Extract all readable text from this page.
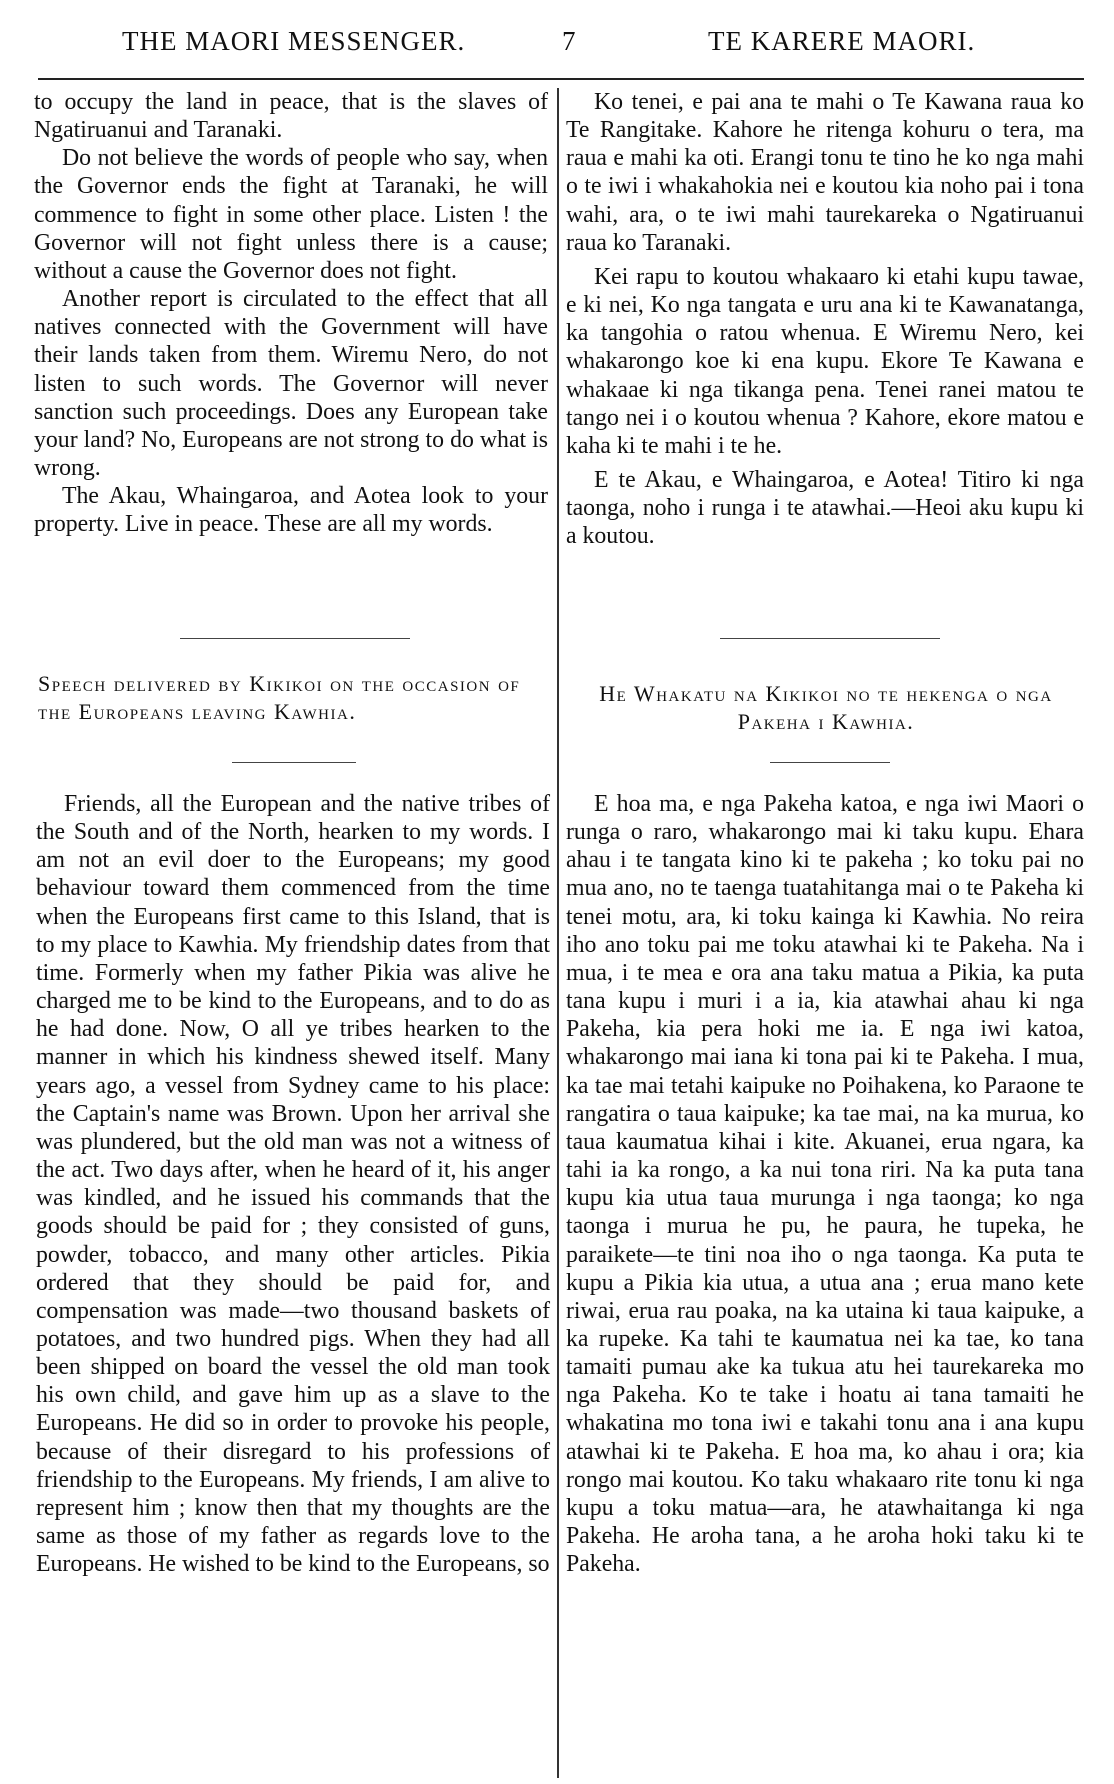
THE MAORI MESSENGER.	7	TE KARERE MAORI.

to occupy the land in peace, that is the slaves of Ngatiruanui and Taranaki.

Do not believe the words of people who say, when the Governor ends the fight at Taranaki, he will commence to fight in some other place. Listen ! the Governor will not fight unless there is a cause; without a cause the Governor does not fight.

Another report is circulated to the effect that all natives connected with the Government will have their lands taken from them. Wiremu Nero, do not listen to such words. The Governor will never sanction such proceedings. Does any European take your land? No, Europeans are not strong to do what is wrong.

The Akau, Whaingaroa, and Aotea look to your property. Live in peace. These are all my words.

Ko tenei, e pai ana te mahi o Te Kawana raua ko Te Rangitake. Kahore he ritenga kohuru o tera, ma raua e mahi ka oti. Erangi tonu te tino he ko nga mahi o te iwi i whakahokia nei e koutou kia noho pai i tona wahi, ara, o te iwi mahi taurekareka o Ngatiruanui raua ko Taranaki.

Kei rapu to koutou whakaaro ki etahi kupu tawae, e ki nei, Ko nga tangata e uru ana ki te Kawanatanga, ka tangohia o ratou whenua. E Wiremu Nero, kei whakarongo koe ki ena kupu. Ekore Te Kawana e whakaae ki nga tikanga pena. Tenei ranei matou te tango nei i o koutou whenua ? Kahore, ekore matou e kaha ki te mahi i te he.

E te Akau, e Whaingaroa, e Aotea! Titiro ki nga taonga, noho i runga i te atawhai.—Heoi aku kupu ki a koutou.

Speech delivered by Kikikoi on the occasion of the Europeans leaving Kawhia.
He Whakatu na Kikikoi no te hekenga o nga Pakeha i Kawhia.

Friends, all the European and the native tribes of the South and of the North, hearken to my words. I am not an evil doer to the Europeans; my good behaviour toward them commenced from the time when the Europeans first came to this Island, that is to my place to Kawhia. My friendship dates from that time. Formerly when my father Pikia was alive he charged me to be kind to the Europeans, and to do as he had done. Now, O all ye tribes hearken to the manner in which his kindness shewed itself. Many years ago, a vessel from Sydney came to his place: the Captain's name was Brown. Upon her arrival she was plundered, but the old man was not a witness of the act. Two days after, when he heard of it, his anger was kindled, and he issued his commands that the goods should be paid for ; they consisted of guns, powder, tobacco, and many other articles. Pikia ordered that they should be paid for, and compensation was made—two thousand baskets of potatoes, and two hundred pigs. When they had all been shipped on board the vessel the old man took his own child, and gave him up as a slave to the Europeans. He did so in order to provoke his people, because of their disregard to his professions of friendship to the Europeans. My friends, I am alive to represent him ; know then that my thoughts are the same as those of my father as regards love to the Europeans. He wished to be kind to the Europeans, so

E hoa ma, e nga Pakeha katoa, e nga iwi Maori o runga o raro, whakarongo mai ki taku kupu. Ehara ahau i te tangata kino ki te pakeha ; ko toku pai no mua ano, no te taenga tuatahitanga mai o te Pakeha ki tenei motu, ara, ki toku kainga ki Kawhia. No reira iho ano toku pai me toku atawhai ki te Pakeha. Na i mua, i te mea e ora ana taku matua a Pikia, ka puta tana kupu i muri i a ia, kia atawhai ahau ki nga Pakeha, kia pera hoki me ia. E nga iwi katoa, whakarongo mai iana ki tona pai ki te Pakeha. I mua, ka tae mai tetahi kaipuke no Poihakena, ko Paraone te rangatira o taua kaipuke; ka tae mai, na ka murua, ko taua kaumatua kihai i kite. Akuanei, erua ngara, ka tahi ia ka rongo, a ka nui tona riri. Na ka puta tana kupu kia utua taua murunga i nga taonga; ko nga taonga i murua he pu, he paura, he tupeka, he paraikete—te tini noa iho o nga taonga. Ka puta te kupu a Pikia kia utua, a utua ana ; erua mano kete riwai, erua rau poaka, na ka utaina ki taua kaipuke, a ka rupeke. Ka tahi te kaumatua nei ka tae, ko tana tamaiti pumau ake ka tukua atu hei taurekareka mo nga Pakeha. Ko te take i hoatu ai tana tamaiti he whakatina mo tona iwi e takahi tonu ana i ana kupu atawhai ki te Pakeha. E hoa ma, ko ahau i ora; kia rongo mai koutou. Ko taku whakaaro rite tonu ki nga kupu a toku matua—ara, he atawhaitanga ki nga Pakeha. He aroha tana, a he aroha hoki taku ki te Pakeha.
